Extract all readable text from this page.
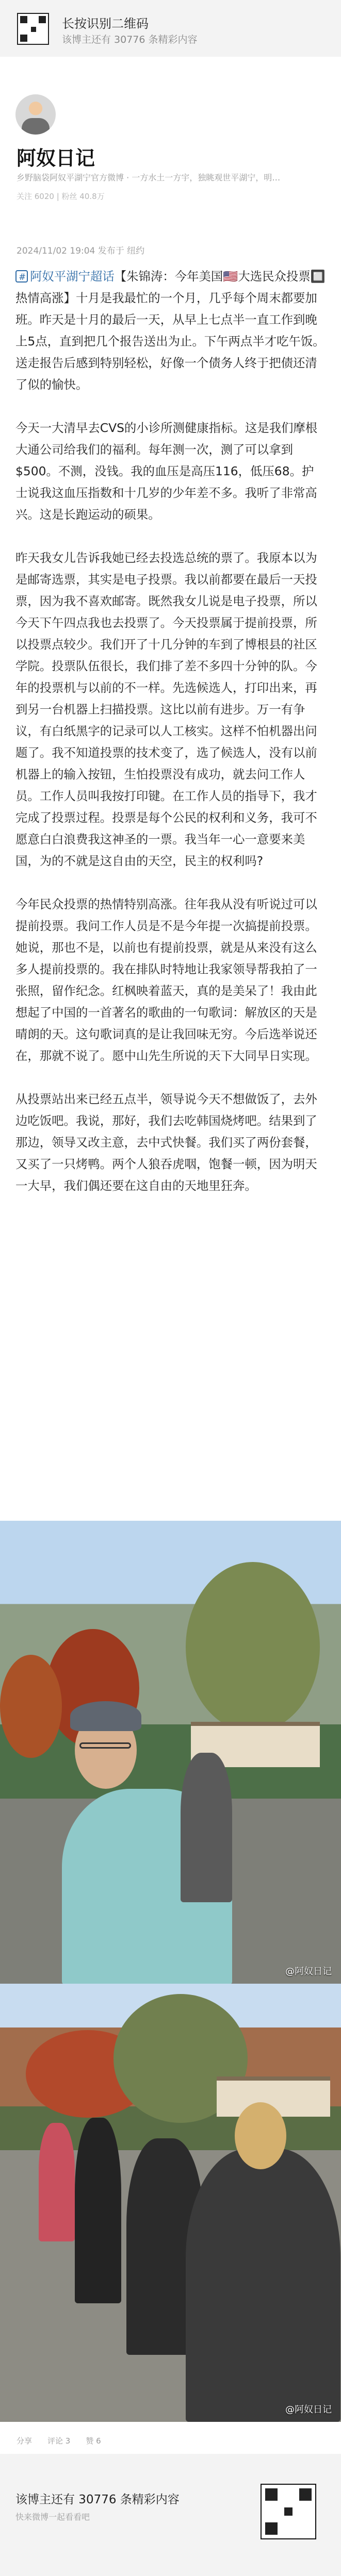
长按识别二维码
该博主还有 30776 条精彩内容
阿奴日记
乡野脑袋阿奴平湖宁官方微博 · 一方水土一方宇，独眺观世平湖宁，明…
关注 6020 | 粉丝 40.8万
2024/11/02 19:04 发布于 纽约

#阿奴平湖宁超话【朱锦涛：今年美国🇺🇸大选民众投票🔲热情高涨】十月是我最忙的一个月，几乎每个周末都要加班。昨天是十月的最后一天，从早上七点半一直工作到晚上5点，直到把几个报告送出为止。下午两点半才吃午饭。送走报告后感到特别轻松，好像一个债务人终于把债还清了似的愉快。

今天一大清早去CVS的小诊所测健康指标。这是我们摩根大通公司给我们的福利。每年测一次，测了可以拿到$500。不测，没钱。我的血压是高压116，低压68。护士说我这血压指数和十几岁的少年差不多。我听了非常高兴。这是长跑运动的硕果。

昨天我女儿告诉我她已经去投选总统的票了。我原本以为是邮寄选票，其实是电子投票。我以前都要在最后一天投票，因为我不喜欢邮寄。既然我女儿说是电子投票，所以今天下午四点我也去投票了。今天投票属于提前投票，所以投票点较少。我们开了十几分钟的车到了博根县的社区学院。投票队伍很长，我们排了差不多四十分钟的队。今年的投票机与以前的不一样。先选候选人，打印出来，再到另一台机器上扫描投票。这比以前有进步。万一有争议，有白纸黑字的记录可以人工核实。这样不怕机器出问题了。我不知道投票的技术变了，选了候选人，没有以前机器上的输入按钮，生怕投票没有成功，就去问工作人员。工作人员叫我按打印键。在工作人员的指导下，我才完成了投票过程。投票是每个公民的权利和义务，我可不愿意白白浪费我这神圣的一票。我当年一心一意要来美国，为的不就是这自由的天空，民主的权利吗?

今年民众投票的热情特别高涨。往年我从没有听说过可以提前投票。我问工作人员是不是今年提一次搞提前投票。她说，那也不是，以前也有提前投票，就是从来没有这么多人提前投票的。我在排队时特地让我家领导帮我拍了一张照，留作纪念。红枫映着蓝天，真的是美呆了！我由此想起了中国的一首著名的歌曲的一句歌词：解放区的天是晴朗的天。这句歌词真的是让我回味无穷。今后选举说还在，那就不说了。愿中山先生所说的天下大同早日实现。

从投票站出来已经五点半，领导说今天不想做饭了，去外边吃饭吧。我说，那好，我们去吃韩国烧烤吧。结果到了那边，领导又改主意，去中式快餐。我们买了两份套餐，又买了一只烤鸭。两个人狼吞虎咽，饱餐一顿，因为明天一大早，我们偶还要在这自由的天地里狂奔。

@阿奴日记
@阿奴日记
分享 评论 3 赞 6
该博主还有 30776 条精彩内容
快来微博一起看看吧
